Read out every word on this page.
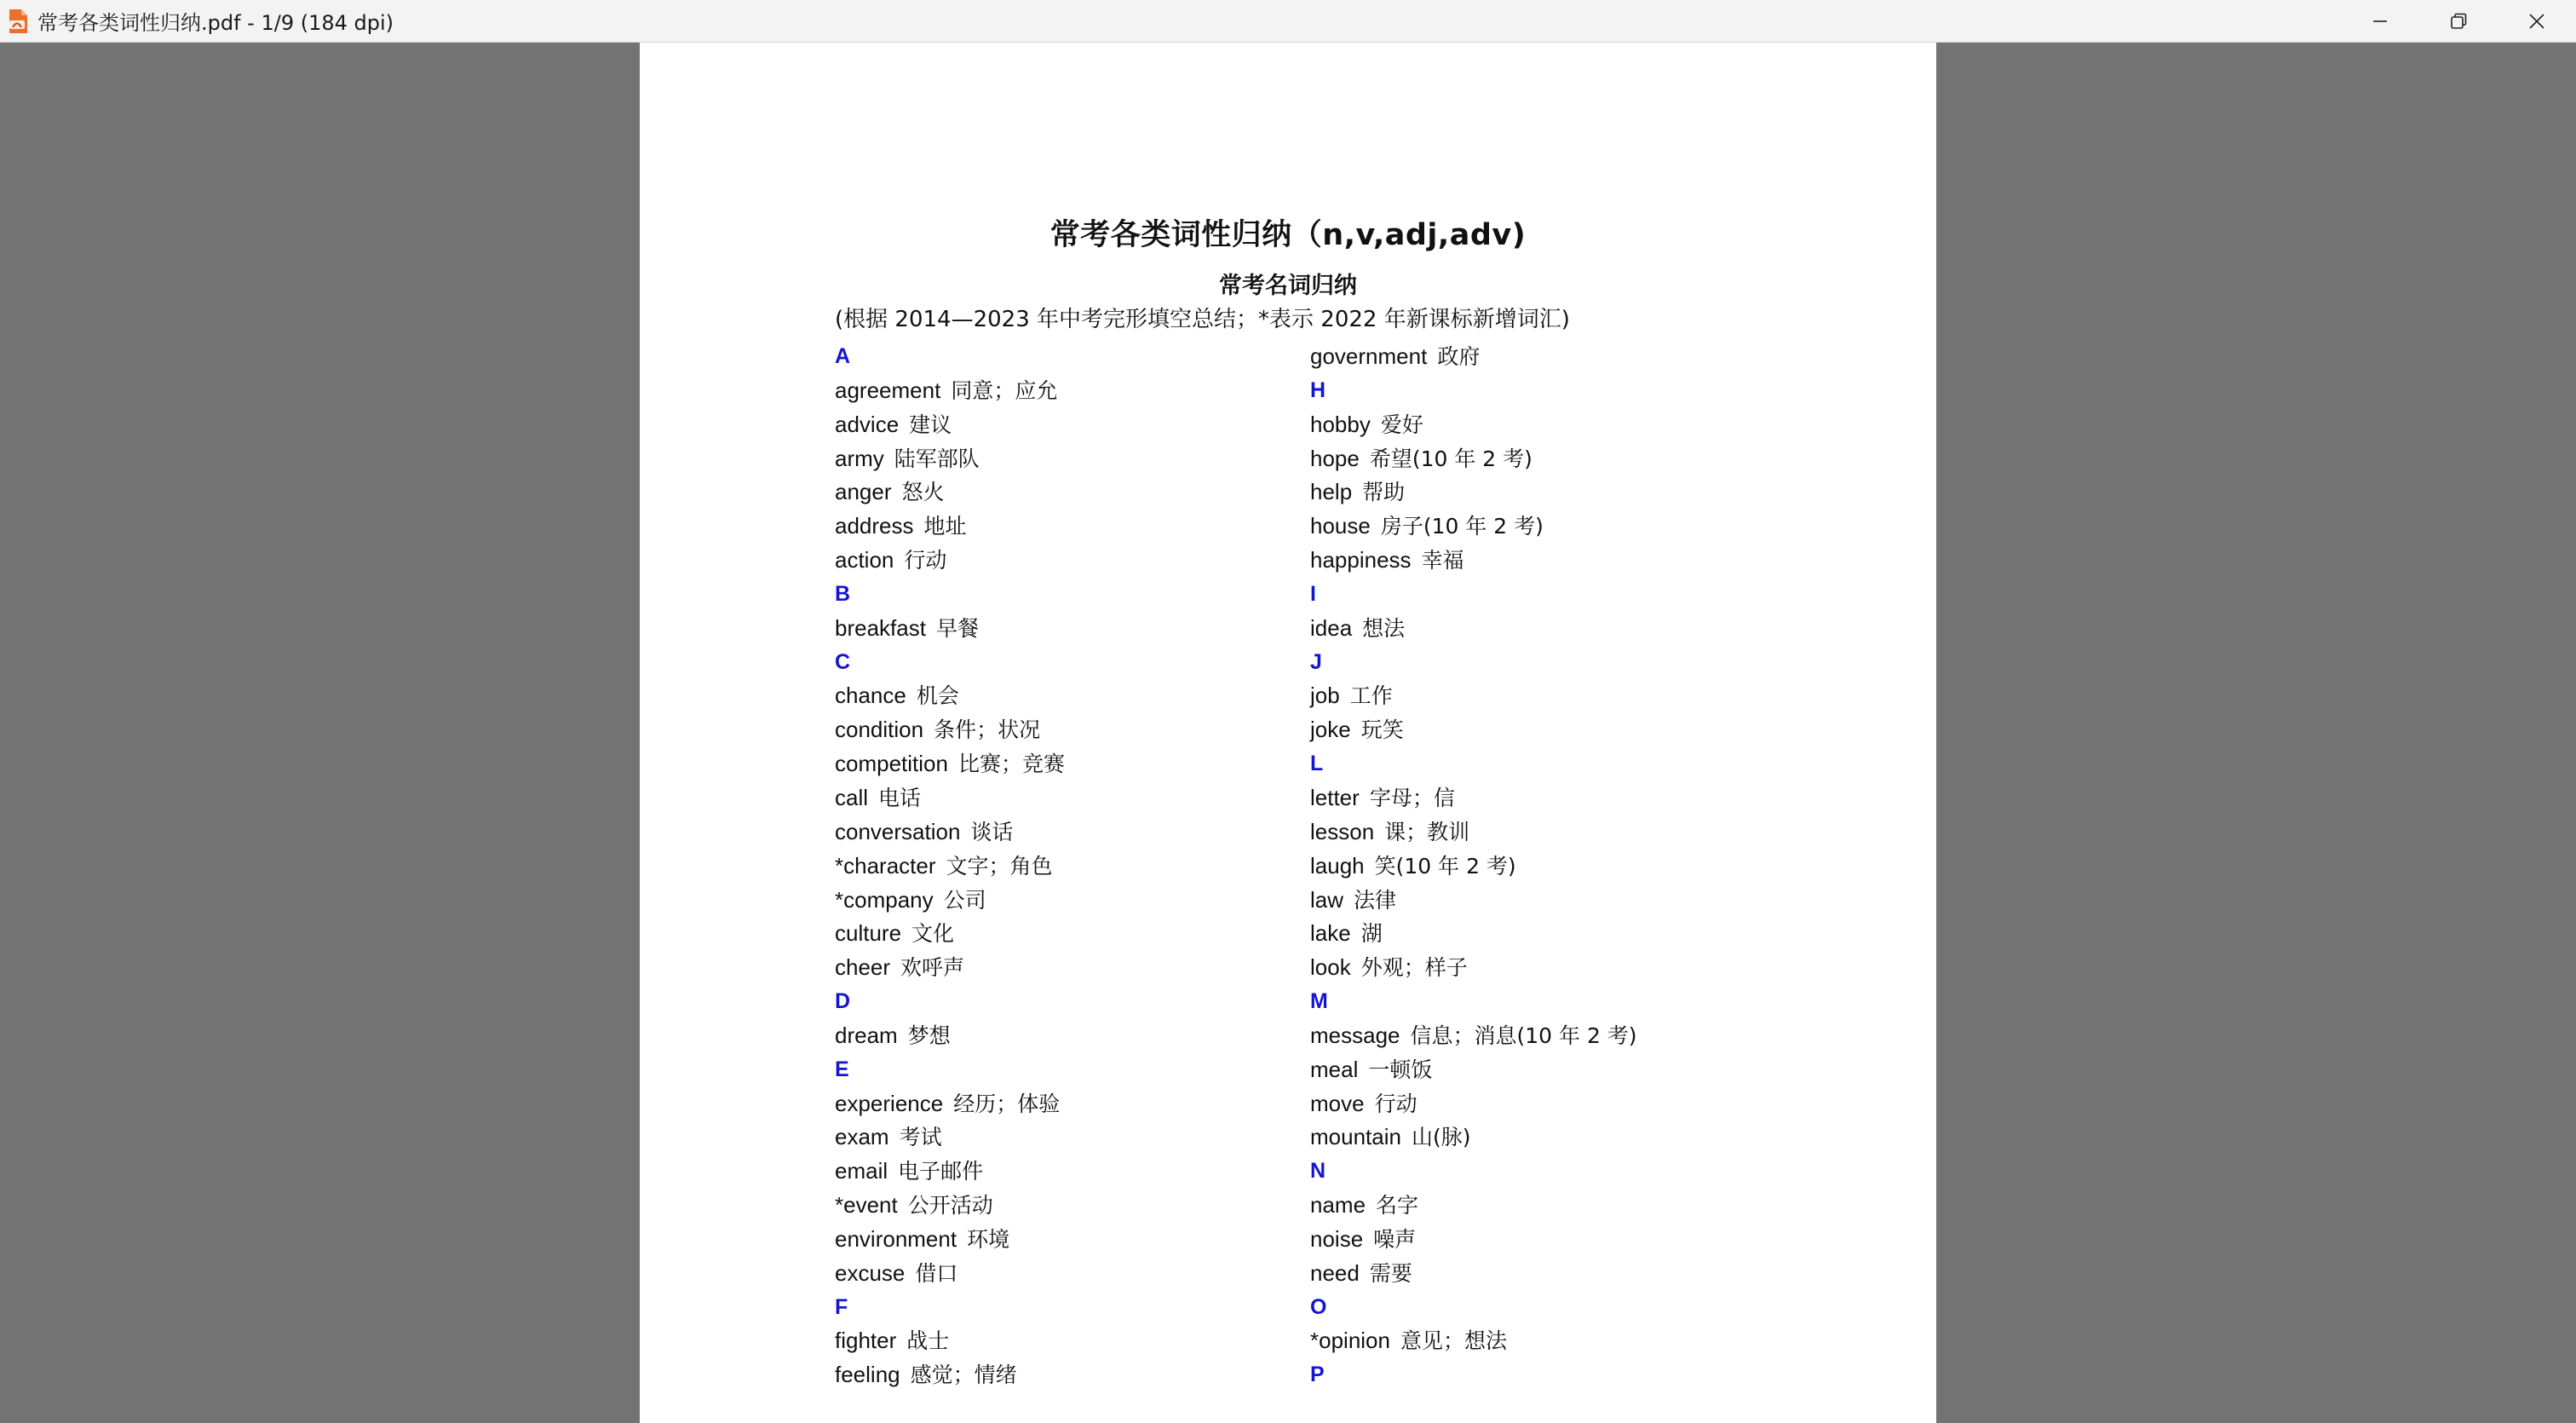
常考各类词性归纳.pdf - 1/9 (184 dpi)
常考各类词性归纳（n,v,adj,adv)
常考名词归纳
(根据 2014—2023 年中考完形填空总结；*表示 2022 年新课标新增词汇)
A
agreement 同意；应允
advice 建议
army 陆军部队
anger 怒火
address 地址
action 行动
B
breakfast 早餐
C
chance 机会
condition 条件；状况
competition 比赛；竞赛
call 电话
conversation 谈话
*character 文字；角色
*company 公司
culture 文化
cheer 欢呼声
D
dream 梦想
E
experience 经历；体验
exam 考试
email 电子邮件
*event 公开活动
environment 环境
excuse 借口
F
fighter 战士
feeling 感觉；情绪
government 政府
H
hobby 爱好
hope 希望(10 年 2 考)
help 帮助
house 房子(10 年 2 考)
happiness 幸福
I
idea 想法
J
job 工作
joke 玩笑
L
letter 字母；信
lesson 课；教训
laugh 笑(10 年 2 考)
law 法律
lake 湖
look 外观；样子
M
message 信息；消息(10 年 2 考)
meal 一顿饭
move 行动
mountain 山(脉)
N
name 名字
noise 噪声
need 需要
O
*opinion 意见；想法
P
